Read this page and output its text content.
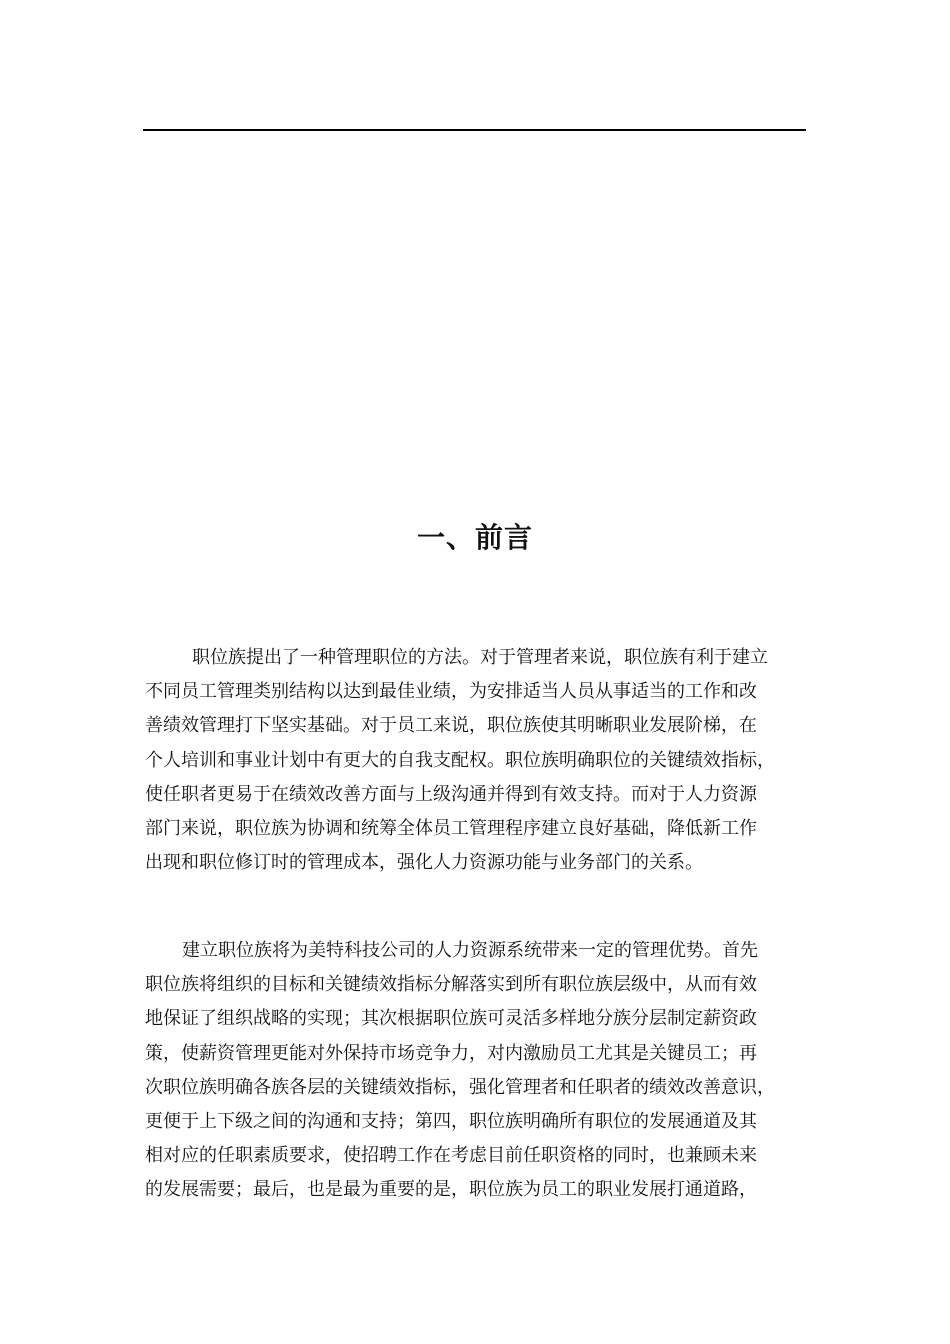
一、前言

职位族提出了一种管理职位的方法。对于管理者来说，职位族有利于建立
不同员工管理类别结构以达到最佳业绩，为安排适当人员从事适当的工作和改
善绩效管理打下坚实基础。对于员工来说，职位族使其明晰职业发展阶梯，在
个人培训和事业计划中有更大的自我支配权。职位族明确职位的关键绩效指标，
使任职者更易于在绩效改善方面与上级沟通并得到有效支持。而对于人力资源
部门来说，职位族为协调和统筹全体员工管理程序建立良好基础，降低新工作
出现和职位修订时的管理成本，强化人力资源功能与业务部门的关系。

建立职位族将为美特科技公司的人力资源系统带来一定的管理优势。首先
职位族将组织的目标和关键绩效指标分解落实到所有职位族层级中，从而有效
地保证了组织战略的实现；其次根据职位族可灵活多样地分族分层制定薪资政
策，使薪资管理更能对外保持市场竞争力，对内激励员工尤其是关键员工；再
次职位族明确各族各层的关键绩效指标，强化管理者和任职者的绩效改善意识，
更便于上下级之间的沟通和支持；第四，职位族明确所有职位的发展通道及其
相对应的任职素质要求，使招聘工作在考虑目前任职资格的同时，也兼顾未来
的发展需要；最后，也是最为重要的是，职位族为员工的职业发展打通道路，
